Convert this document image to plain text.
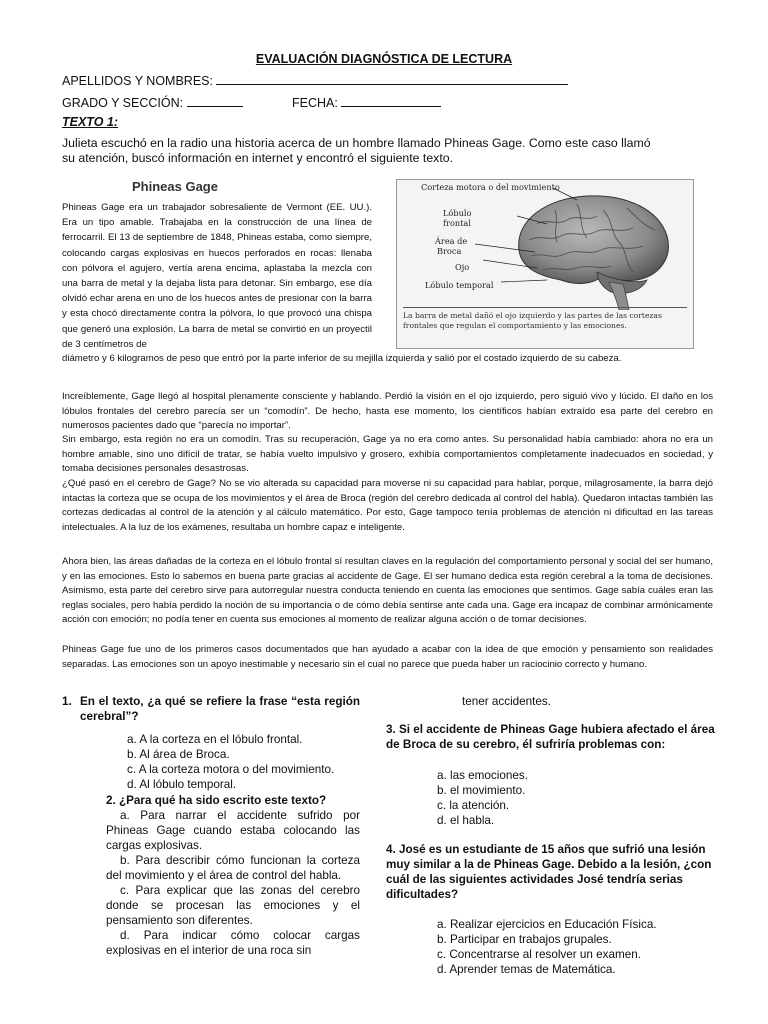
EVALUACIÓN DIAGNÓSTICA DE LECTURA
APELLIDOS Y NOMBRES:
GRADO Y SECCIÓN:	FECHA:
TEXTO 1:
Julieta escuchó en la radio una historia acerca de un hombre llamado Phineas Gage. Como este caso llamó su atención, buscó información en internet y encontró el siguiente texto.
Phineas Gage
Phineas Gage era un trabajador sobresaliente de Vermont (EE. UU.). Era un tipo amable. Trabajaba en la construcción de una línea de ferrocarril. El 13 de septiembre de 1848, Phineas estaba, como siempre, colocando cargas explosivas en huecos perforados en rocas: llenaba con pólvora el agujero, vertía arena encima, aplastaba la mezcla con una barra de metal y la dejaba lista para detonar. Sin embargo, ese día olvidó echar arena en uno de los huecos antes de presionar con la barra y esta chocó directamente contra la pólvora, lo que provocó una chispa que generó una explosión. La barra de metal se convirtió en un proyectil de 3 centímetros de
Corteza motora o del movimiento
Lóbulo
frontal
Área de
Broca
Ojo
Lóbulo temporal
La barra de metal dañó el ojo izquierdo y las partes de las cortezas frontales que regulan el comportamiento y las emociones.
diámetro y 6 kilogramos de peso que entró por la parte inferior de su mejilla izquierda y salió por el costado izquierdo de su cabeza.
Increíblemente, Gage llegó al hospital plenamente consciente y hablando. Perdió la visión en el ojo izquierdo, pero siguió vivo y lúcido. El daño en los lóbulos frontales del cerebro parecía ser un “comodín”. De hecho, hasta ese momento, los científicos habían extraído esa parte del cerebro en numerosos pacientes dado que “parecía no importar”.
Sin embargo, esta región no era un comodín. Tras su recuperación, Gage ya no era como antes. Su personalidad había cambiado: ahora no era un hombre amable, sino uno difícil de tratar, se había vuelto impulsivo y grosero, exhibía comportamientos completamente inadecuados en sociedad, y tomaba decisiones personales desastrosas.
¿Qué pasó en el cerebro de Gage? No se vio alterada su capacidad para moverse ni su capacidad para hablar, porque, milagrosamente, la barra dejó intactas la corteza que se ocupa de los movimientos y el área de Broca (región del cerebro dedicada al control del habla). Quedaron intactas también las cortezas dedicadas al control de la atención y al cálculo matemático. Por esto, Gage tampoco tenía problemas de atención ni dificultad en las tareas intelectuales. A la luz de los exámenes, resultaba un hombre capaz e inteligente.
Ahora bien, las áreas dañadas de la corteza en el lóbulo frontal sí resultan claves en la regulación del comportamiento personal y social del ser humano, y en las emociones. Esto lo sabemos en buena parte gracias al accidente de Gage. El ser humano dedica esta región cerebral a la toma de decisiones. Asimismo, esta parte del cerebro sirve para autorregular nuestra conducta teniendo en cuenta las emociones que sentimos. Gage sabía cuáles eran las reglas sociales, pero había perdido la noción de su importancia o de cómo debía sentirse ante cada una. Gage era incapaz de combinar armónicamente acción con emoción; no podía tener en cuenta sus emociones al momento de realizar alguna acción o de tomar decisiones.
Phineas Gage fue uno de los primeros casos documentados que han ayudado a acabar con la idea de que emoción y pensamiento son realidades separadas. Las emociones son un apoyo inestimable y necesario sin el cual no parece que pueda haber un raciocinio correcto y humano.
1. En el texto, ¿a qué se refiere la frase “esta región cerebral”?
a. A la corteza en el lóbulo frontal.
b. Al área de Broca.
c. A la corteza motora o del movimiento.
d. Al lóbulo temporal.
2. ¿Para qué ha sido escrito este texto?
a. Para narrar el accidente sufrido por Phineas Gage cuando estaba colocando las cargas explosivas.
b. Para describir cómo funcionan la corteza del movimiento y el área de control del habla.
c. Para explicar que las zonas del cerebro donde se procesan las emociones y el pensamiento son diferentes.
d. Para indicar cómo colocar cargas explosivas en el interior de una roca sin
tener accidentes.
3. Si el accidente de Phineas Gage hubiera afectado el área de Broca de su cerebro, él sufriría problemas con:
a. las emociones.
b. el movimiento.
c. la atención.
d. el habla.
4. José es un estudiante de 15 años que sufrió una lesión muy similar a la de Phineas Gage. Debido a la lesión, ¿con cuál de las siguientes actividades José tendría serias dificultades?
a. Realizar ejercicios en Educación Física.
b. Participar en trabajos grupales.
c. Concentrarse al resolver un examen.
d. Aprender temas de Matemática.
